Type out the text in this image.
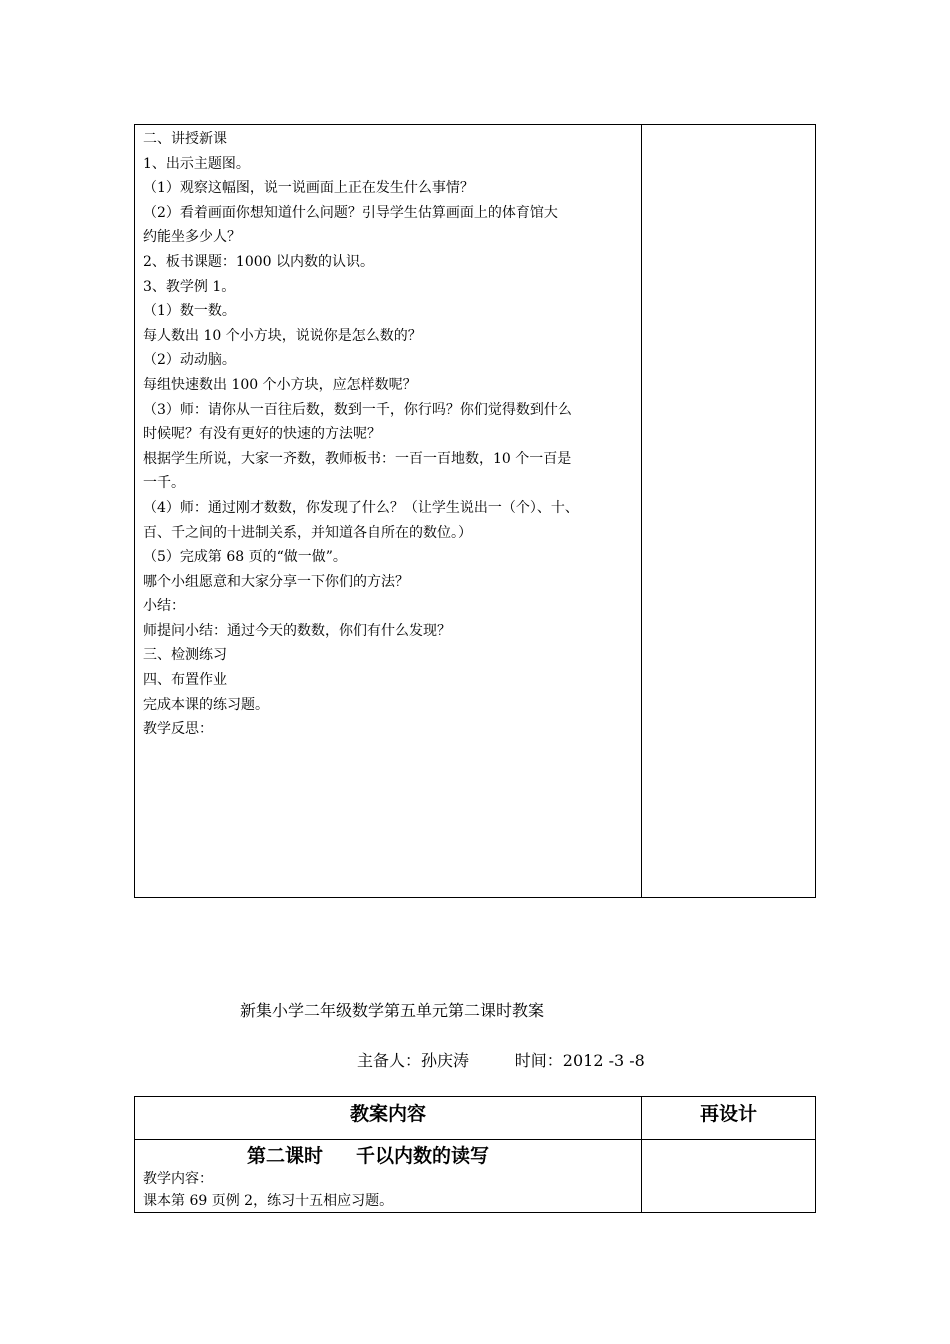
二、讲授新课
1、出示主题图。
（1）观察这幅图，说一说画面上正在发生什么事情？
（2）看着画面你想知道什么问题？引导学生估算画面上的体育馆大
约能坐多少人？
2、板书课题：1000 以内数的认识。
3、教学例 1。
（1）数一数。
每人数出 10 个小方块，说说你是怎么数的？
（2）动动脑。
每组快速数出 100 个小方块，应怎样数呢？
（3）师：请你从一百往后数，数到一千，你行吗？你们觉得数到什么
时候呢？有没有更好的快速的方法呢？
根据学生所说，大家一齐数，教师板书：一百一百地数，10 个一百是
一千。
（4）师：通过刚才数数，你发现了什么？（让学生说出一（个）、十、
百、千之间的十进制关系，并知道各自所在的数位。）
（5）完成第 68 页的“做一做”。
哪个小组愿意和大家分享一下你们的方法？
小结：
师提问小结：通过今天的数数，你们有什么发现？
三、检测练习
四、布置作业
完成本课的练习题。
教学反思：

新集小学二年级数学第五单元第二课时教案
主备人：孙庆涛         时间：2012 -3 -8
教案内容	再设计

第二课时     千以内数的读写
教学内容：
课本第 69 页例 2，练习十五相应习题。	
